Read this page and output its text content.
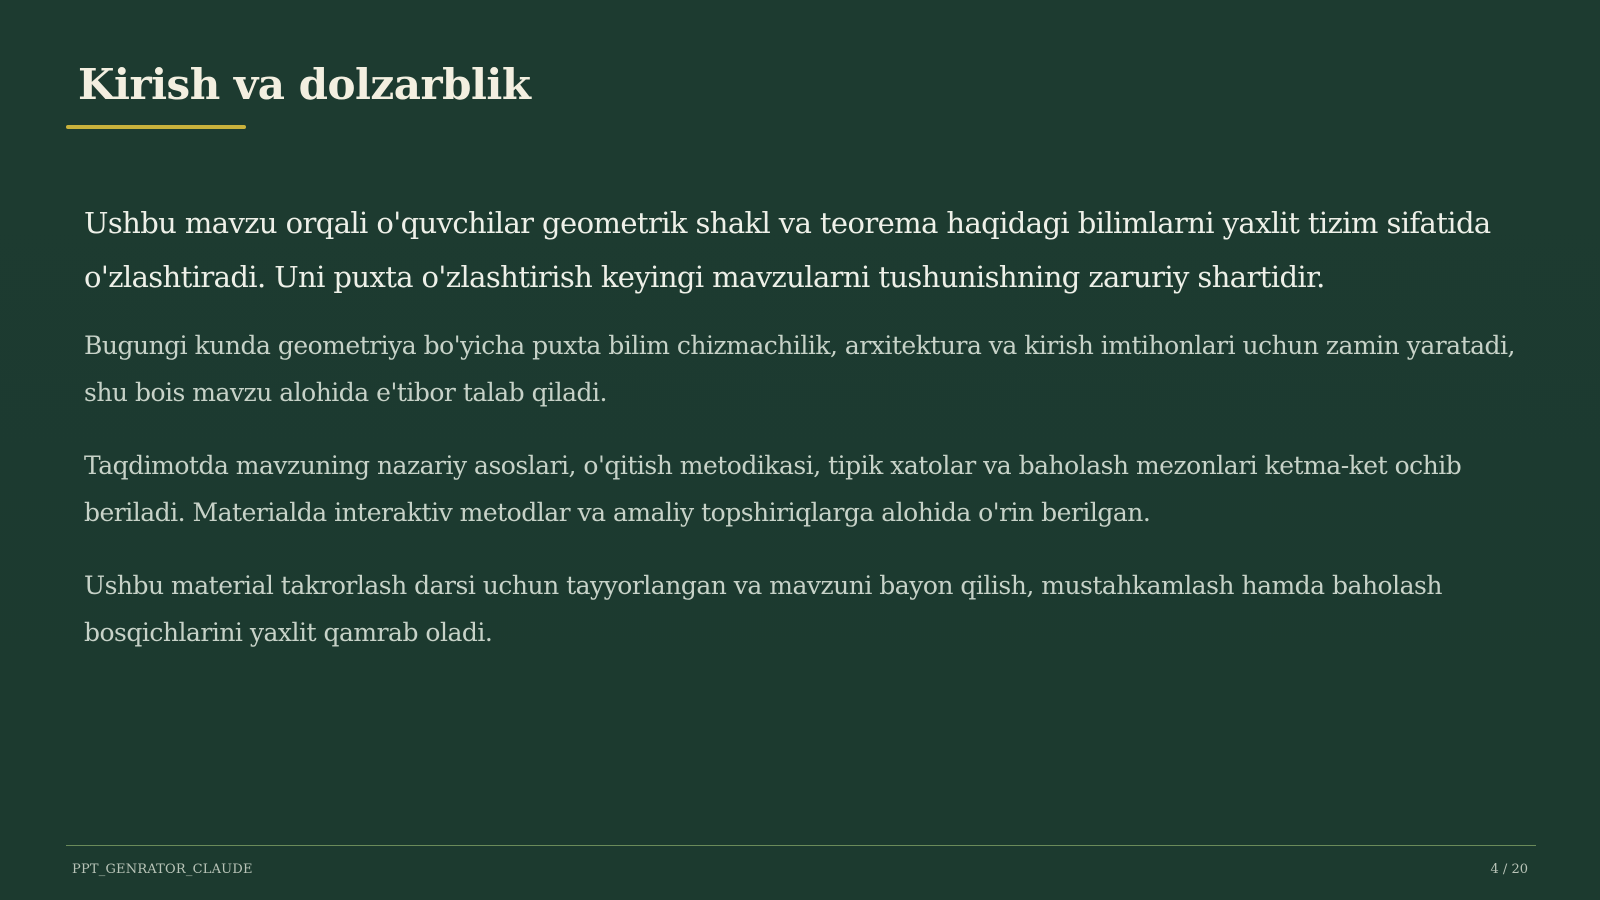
Kirish va dolzarblik

Ushbu mavzu orqali o'quvchilar geometrik shakl va teorema haqidagi bilimlarni yaxlit tizim sifatida o'zlashtiradi. Uni puxta o'zlashtirish keyingi mavzularni tushunishning zaruriy shartidir.

Bugungi kunda geometriya bo'yicha puxta bilim chizmachilik, arxitektura va kirish imtihonlari uchun zamin yaratadi, shu bois mavzu alohida e'tibor talab qiladi.

Taqdimotda mavzuning nazariy asoslari, o'qitish metodikasi, tipik xatolar va baholash mezonlari ketma-ket ochib beriladi. Materialda interaktiv metodlar va amaliy topshiriqlarga alohida o'rin berilgan.

Ushbu material takrorlash darsi uchun tayyorlangan va mavzuni bayon qilish, mustahkamlash hamda baholash bosqichlarini yaxlit qamrab oladi.

PPT_GENRATOR_CLAUDE	4 / 20
